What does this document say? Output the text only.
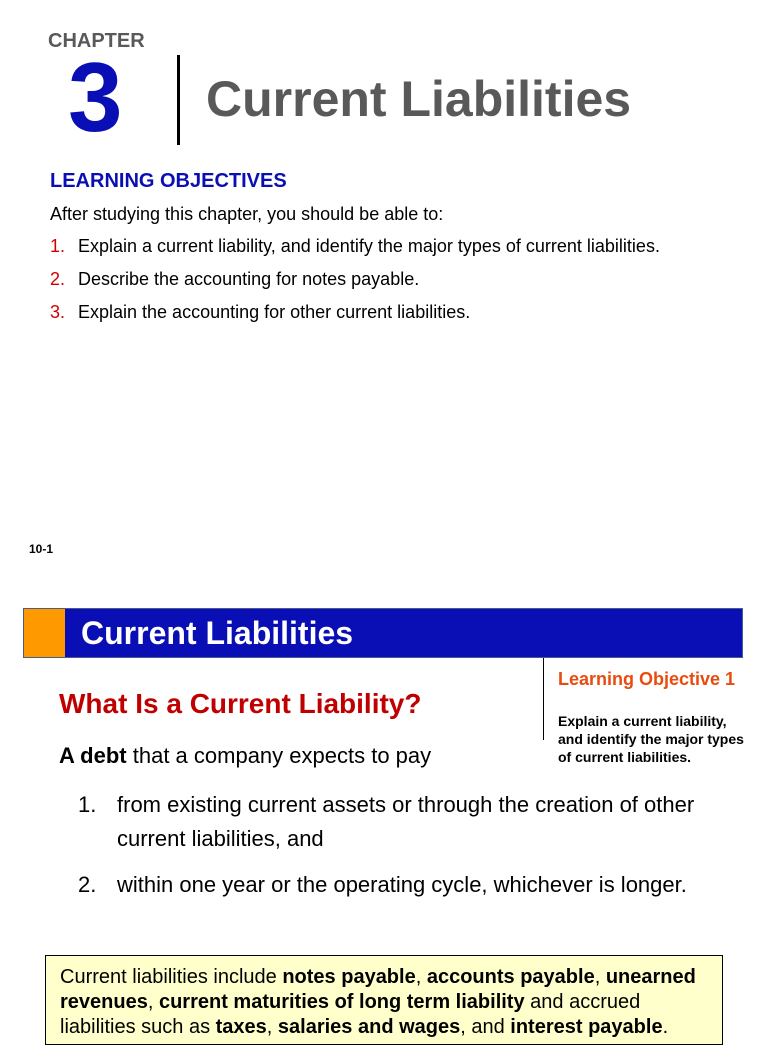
CHAPTER
3 Current Liabilities
LEARNING OBJECTIVES
After studying this chapter, you should be able to:
1. Explain a current liability, and identify the major types of current liabilities.
2. Describe the accounting for notes payable.
3. Explain the accounting for other current liabilities.
10-1
Current Liabilities
Learning Objective 1
Explain a current liability, and identify the major types of current liabilities.
What Is a Current Liability?
A debt that a company expects to pay
1. from existing current assets or through the creation of other current liabilities, and
2. within one year or the operating cycle, whichever is longer.
Current liabilities include notes payable, accounts payable, unearned revenues, current maturities of long term liability and accrued liabilities such as taxes, salaries and wages, and interest payable.
